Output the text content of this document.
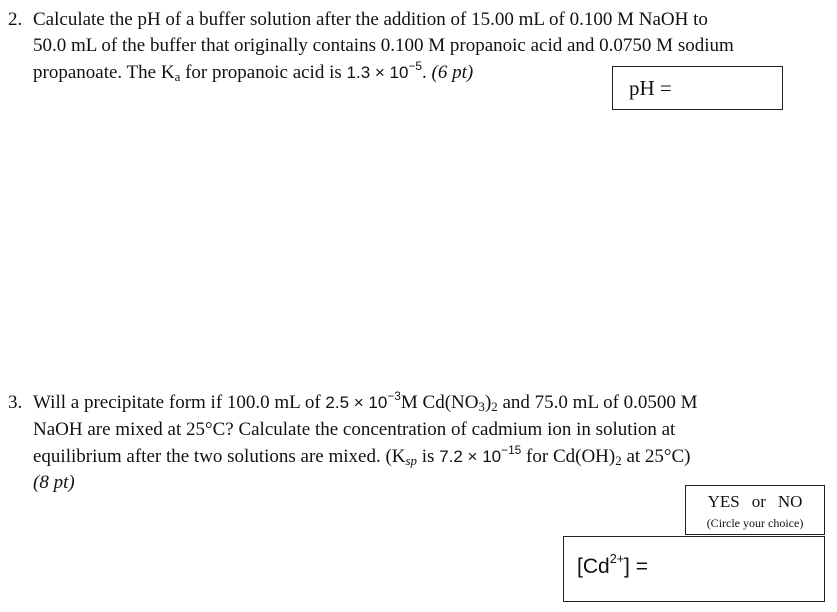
2. Calculate the pH of a buffer solution after the addition of 15.00 mL of 0.100 M NaOH to
50.0 mL of the buffer that originally contains 0.100 M propanoic acid and 0.0750 M sodium
propanoate. The $K_a$ for propanoic acid is $1.3 \times 10^{-5}$. (6 pt)
pH =
3. Will a precipitate form if 100.0 mL of $2.5 \times 10^{-3}M$ $Cd(NO_3)_2$ and 75.0 mL of 0.0500 M
NaOH are mixed at 25°C? Calculate the concentration of cadmium ion in solution at
equilibrium after the two solutions are mixed. ($K_{sp}$ is $7.2 \times 10^{-15}$ for $Cd(OH)_2$ at 25°C)
(8 pt)
YES or NO
(Circle your choice)
$[Cd^{2+}]$ =
